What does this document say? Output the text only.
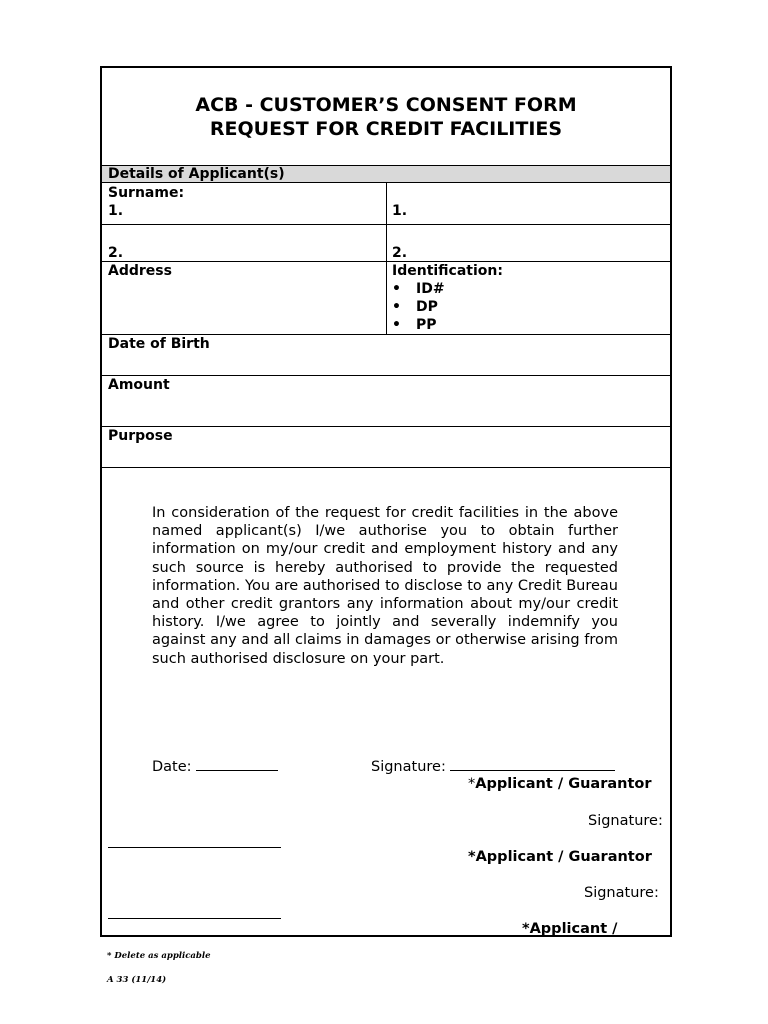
ACB - CUSTOMER’S CONSENT FORM
REQUEST FOR CREDIT FACILITIES
Details of Applicant(s)
Surname:
1.	1.
2.	2.
Address	Identification:
• ID#
• DP
• PP
Date of Birth
Amount
Purpose
In consideration of the request for credit facilities in the above named applicant(s) I/we authorise you to obtain further information on my/our credit and employment history and any such source is hereby authorised to provide the requested information. You are authorised to disclose to any Credit Bureau and other credit grantors any information about my/our credit history. I/we agree to jointly and severally indemnify you against any and all claims in damages or otherwise arising from such authorised disclosure on your part.
Date:	Signature:
*Applicant / Guarantor
Signature:
*Applicant / Guarantor
Signature:
*Applicant /
* Delete as applicable
A 33 (11/14)
